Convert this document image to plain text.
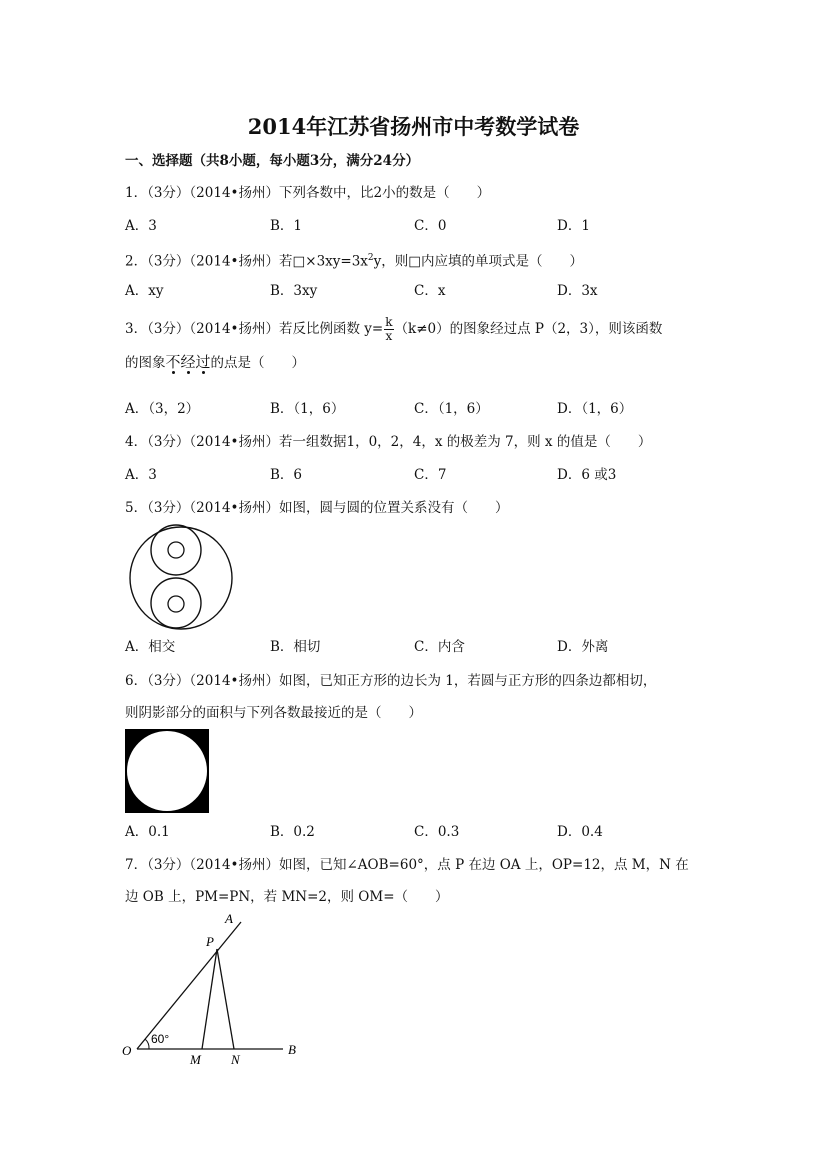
2014年江苏省扬州市中考数学试卷
一、选择题（共8小题，每小题3分，满分24分）
1．（3分）（2014•扬州）下列各数中，比2小的数是（　　）
A．3	B．1	C．0	D．1
2．（3分）（2014•扬州）若$□\times 3xy=3x^2y$，则□内应填的单项式是（　　）
A．xy	B．3xy	C．x	D．3x
3．（3分）（2014•扬州）若反比例函数 $y= \frac{k}{x} (k\ne 0)$的图象经过点 P（2，3），则该函数
的图象不经过
的点是（　　）
A．（3，2）	B．（1，6）	C．（1，6）	D．（1，6）
4．（3分）（2014•扬州）若一组数据1，0，2，4，x 的极差为 7，则 x 的值是（　　）
A．3	B．6	C．7	D．6 或3
5．（3分）（2014•扬州）如图，圆与圆的位置关系没有（　　）
A．相交	B．相切	C．内含	D．外离
6．（3分）（2014•扬州）如图，已知正方形的边长为 1，若圆与正方形的四条边都相切，
则阴影部分的面积与下列各数最接近的是（　　）
A．0.1	B．0.2	C．0.3	D．0.4
7．（3分）（2014•扬州）如图，已知∠AOB=60°，点 P 在边 OA 上，OP=12，点 M，N 在
边 OB 上，PM=PN，若 MN=2，则 OM=（　　）
A
P
O
M N
B
60°
